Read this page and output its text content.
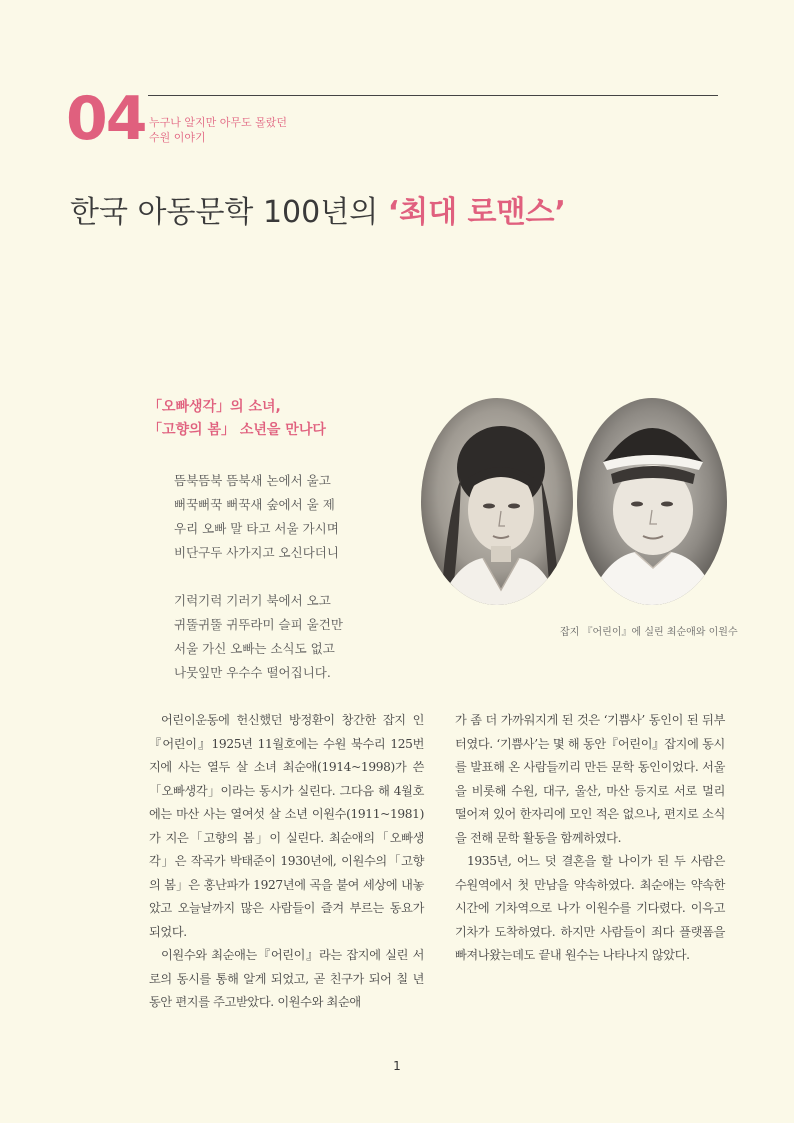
04 누구나 알지만 아무도 몰랐던
수원 이야기
한국 아동문학 100년의 ‘최대 로맨스’
「오빠생각」의 소녀,
「고향의 봄」 소년을 만나다
뜸북뜸북 뜸북새 논에서 울고
뻐꾹뻐꾹 뻐꾹새 숲에서 울 제
우리 오빠 말 타고 서울 가시며
비단구두 사가지고 오신다더니
기럭기럭 기러기 북에서 오고
귀뚤귀뚤 귀뚜라미 슬피 울건만
서울 가신 오빠는 소식도 없고
나뭇잎만 우수수 떨어집니다.
잡지 『어린이』에 실린 최순애와 이원수

어린이운동에 헌신했던 방정환이 창간한 잡지 인『어린이』1925년 11월호에는 수원 북수리 125번지에 사는 열두 살 소녀 최순애(1914~1998)가 쓴「오빠생각」이라는 동시가 실린다. 그다음 해 4월호에는 마산 사는 열여섯 살 소년 이원수(1911~1981)가 지은「고향의 봄」이 실린다. 최순애의「오빠생각」은 작곡가 박태준이 1930년에, 이원수의「고향의 봄」은 홍난파가 1927년에 곡을 붙여 세상에 내놓았고 오늘날까지 많은 사람들이 즐겨 부르는 동요가 되었다.

이원수와 최순애는『어린이』라는 잡지에 실린 서로의 동시를 통해 알게 되었고, 곧 친구가 되어 칠 년 동안 편지를 주고받았다. 이원수와 최순애

가 좀 더 가까워지게 된 것은 ‘기쁨사’ 동인이 된 뒤부터였다. ‘기쁨사’는 몇 해 동안『어린이』잡지에 동시를 발표해 온 사람들끼리 만든 문학 동인이었다. 서울을 비롯해 수원, 대구, 울산, 마산 등지로 서로 멀리 떨어져 있어 한자리에 모인 적은 없으나, 편지로 소식을 전해 문학 활동을 함께하였다.

1935년, 어느 덧 결혼을 할 나이가 된 두 사람은 수원역에서 첫 만남을 약속하였다. 최순애는 약속한 시간에 기차역으로 나가 이원수를 기다렸다. 이윽고 기차가 도착하였다. 하지만 사람들이 죄다 플랫폼을 빠져나왔는데도 끝내 원수는 나타나지 않았다.

1
